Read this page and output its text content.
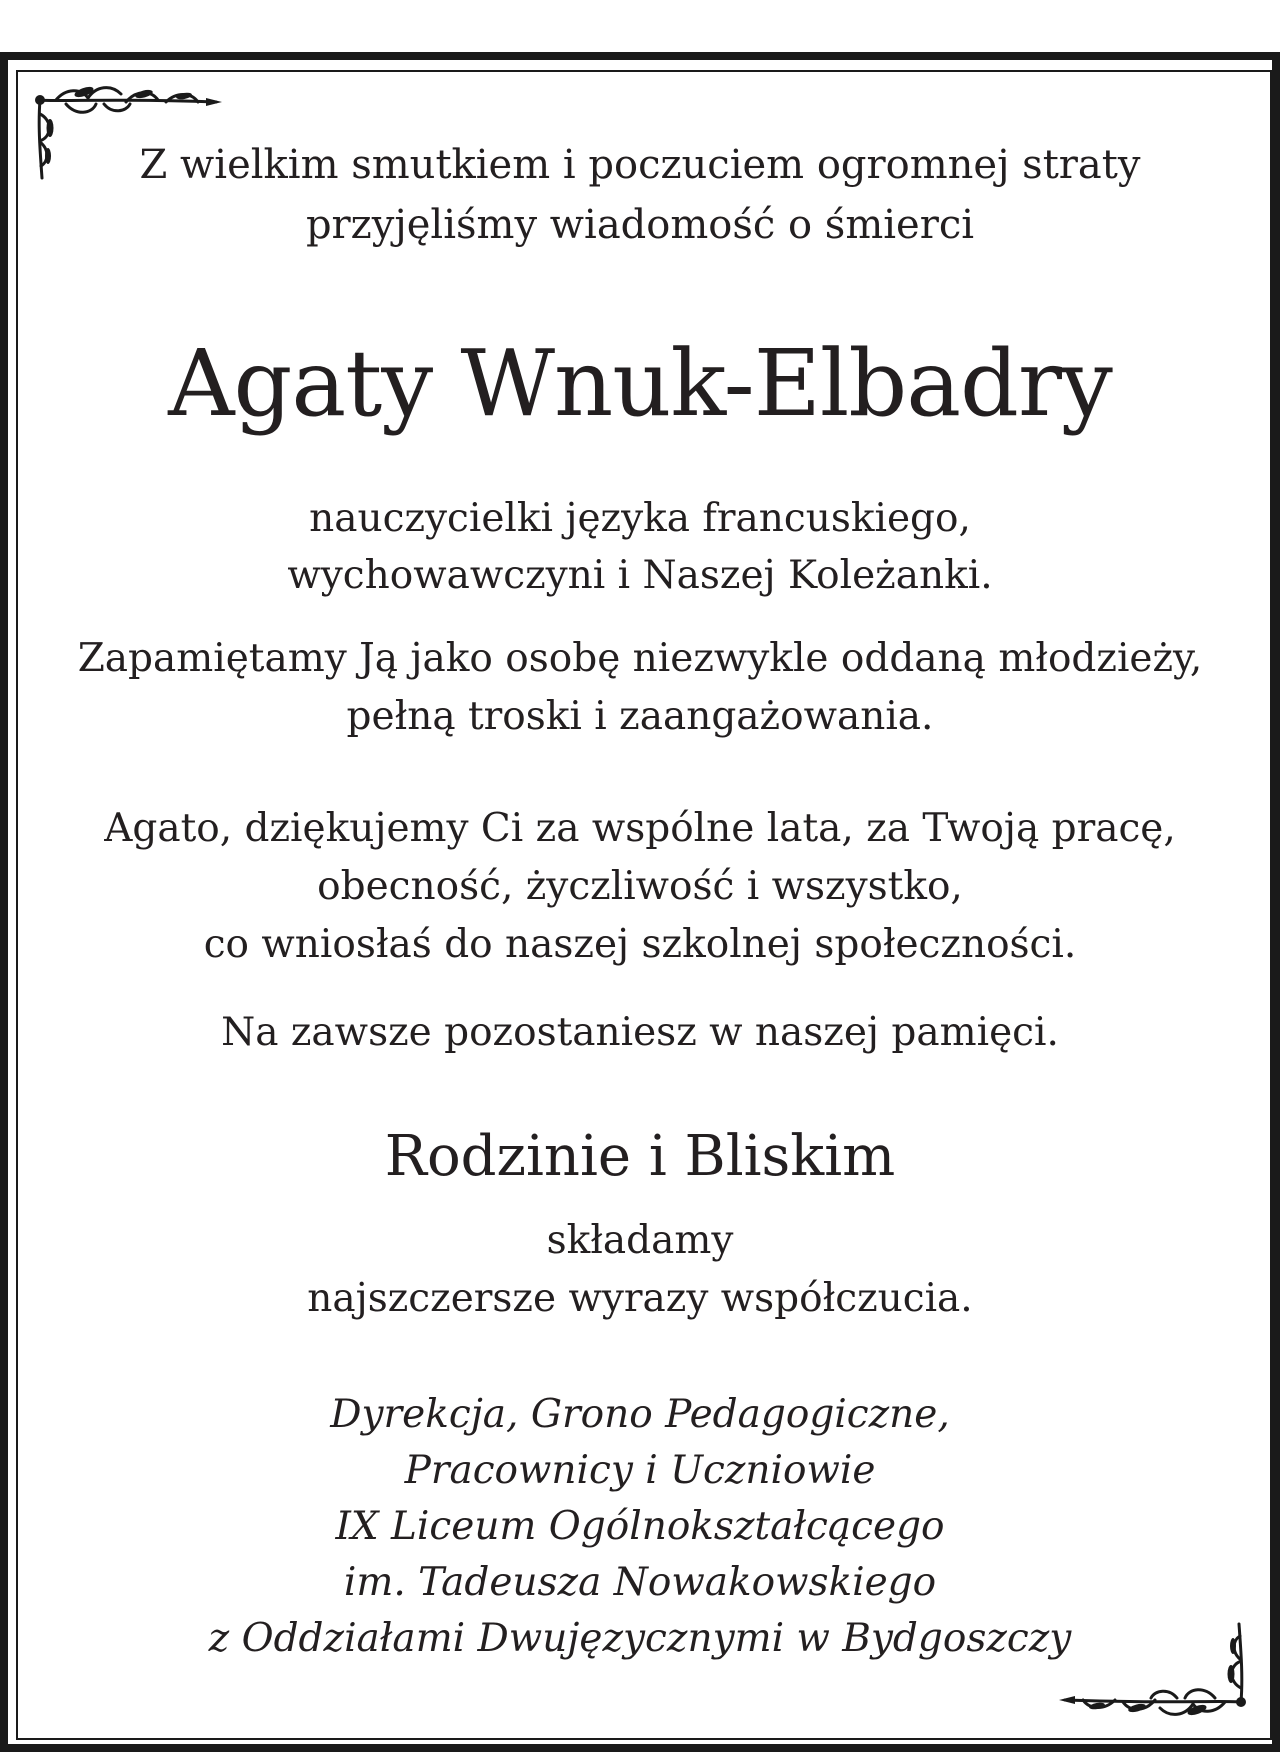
Z wielkim smutkiem i poczuciem ogromnej straty
przyjęliśmy wiadomość o śmierci
Agaty Wnuk-Elbadry
nauczycielki języka francuskiego,
wychowawczyni i Naszej Koleżanki.
Zapamiętamy Ją jako osobę niezwykle oddaną młodzieży,
pełną troski i zaangażowania.
Agato, dziękujemy Ci za wspólne lata, za Twoją pracę,
obecność, życzliwość i wszystko,
co wniosłaś do naszej szkolnej społeczności.
Na zawsze pozostaniesz w naszej pamięci.
Rodzinie i Bliskim
składamy
najszczersze wyrazy współczucia.
Dyrekcja, Grono Pedagogiczne,
Pracownicy i Uczniowie
IX Liceum Ogólnokształcącego
im. Tadeusza Nowakowskiego
z Oddziałami Dwujęzycznymi w Bydgoszczy
